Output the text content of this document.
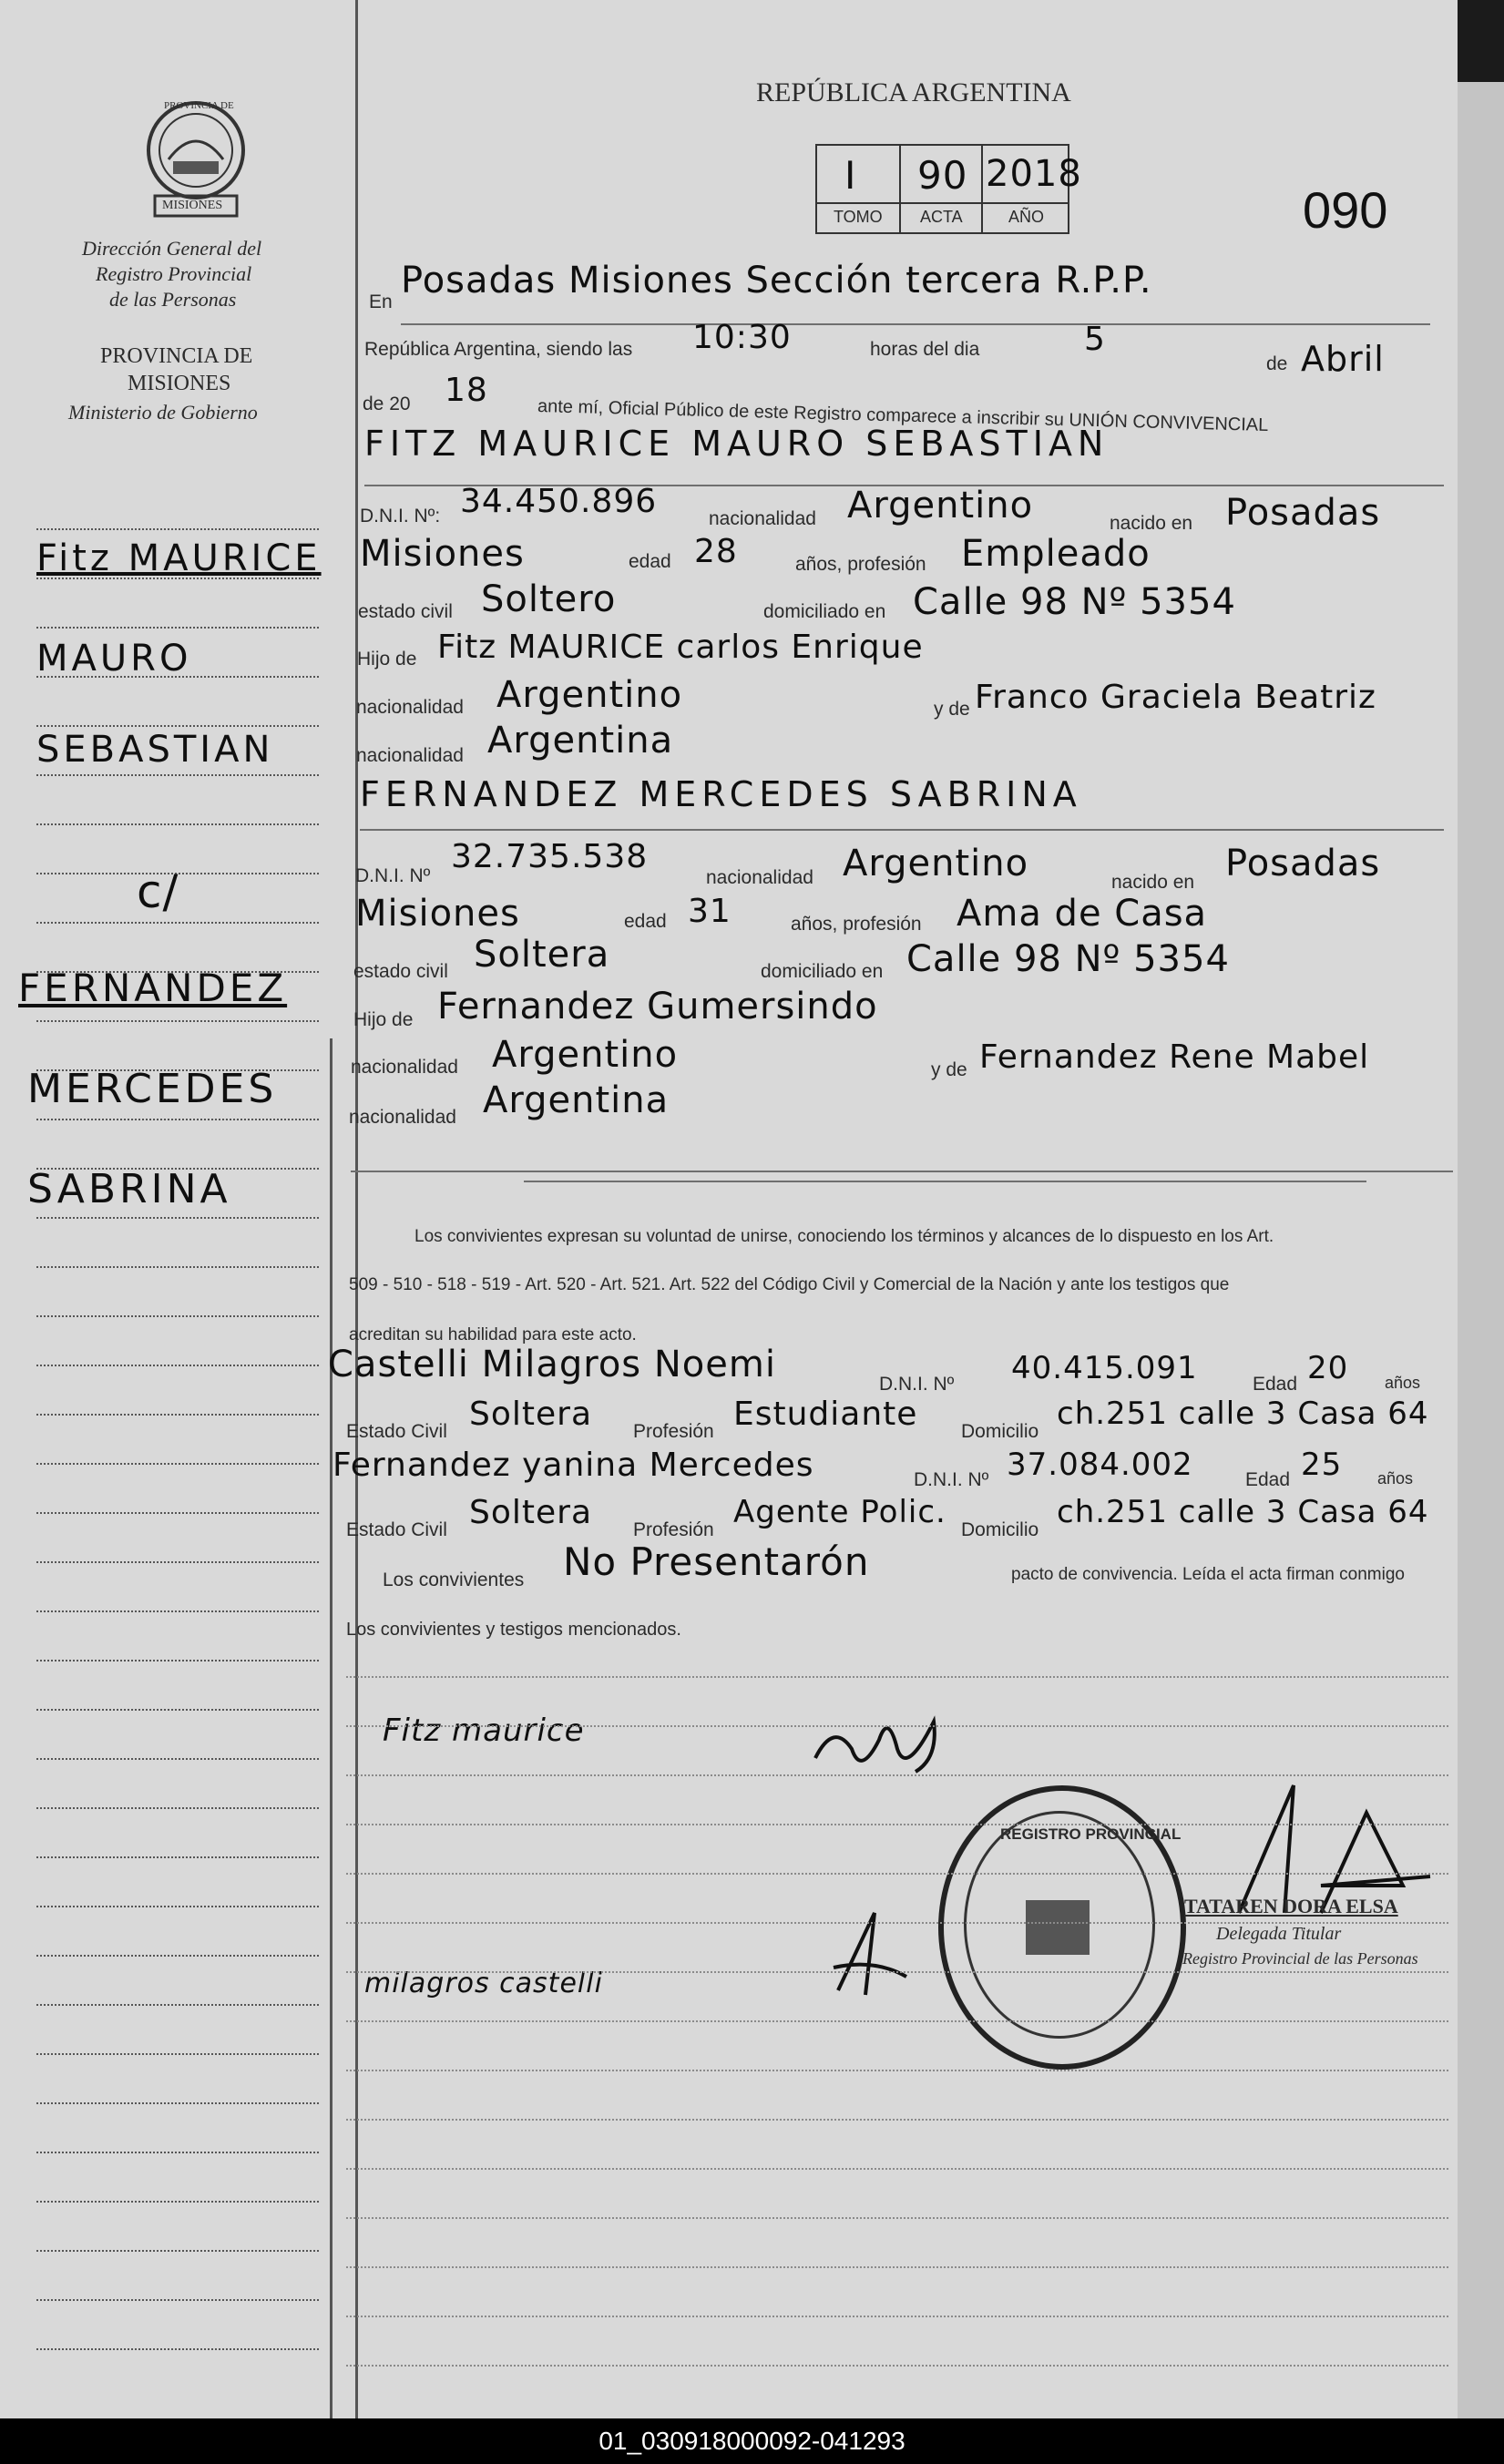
PROVINCIA DE
MISIONES
Dirección General del
Registro Provincial
de las Personas
PROVINCIA DE
MISIONES
Ministerio de Gobierno
Fitz MAURICE
MAURO
SEBASTIAN
c/
FERNANDEZ
MERCEDES
SABRINA
REPÚBLICA ARGENTINA
I 90 2018
TOMO ACTA	AÑO	090
En
Posadas Misiones Sección tercera R.P.P.
República Argentina, siendo las 10:30	horas del dia	5
de Abril
de 20 18
ante mí, Oficial Público de este Registro comparece a inscribir su UNIÓN CONVIVENCIAL
FITZ MAURICE MAURO SEBASTIAN
D.N.I. Nº: 34.450.896	nacionalidad Argentino	nacido en Posadas
Misiones	edad 28	años, profesión Empleado
estado civil Soltero	domiciliado en Calle 98 Nº 5354
Hijo de Fitz MAURICE carlos Enrique
nacionalidad Argentino	y de Franco Graciela Beatriz
nacionalidad Argentina
FERNANDEZ MERCEDES SABRINA
D.N.I. Nº
32.735.538
nacionalidad Argentino	nacido en Posadas
Misiones	edad 31	años, profesión Ama de Casa
estado civil Soltera	domiciliado en Calle 98 Nº 5354
Hijo de Fernandez Gumersindo
nacionalidad Argentino	y de Fernandez Rene Mabel
nacionalidad Argentina
Los convivientes expresan su voluntad de unirse, conociendo los términos y alcances de lo dispuesto en los Art.
509 - 510 - 518 - 519 - Art. 520 - Art. 521. Art. 522 del Código Civil y Comercial de la Nación y ante los testigos que
acreditan su habilidad para este acto.
Castelli Milagros Noemi	D.N.I. Nº 40.415.091	Edad 20 años
Estado Civil Soltera Profesión Estudiante Domicilio ch.251 calle 3 Casa 64
Fernandez yanina Mercedes	D.N.I. Nº 37.084.002	Edad 25 años
Estado Civil Soltera Profesión Agente Polic. Domicilio ch.251 calle 3 Casa 64
Los convivientes No Presentarón	pacto de convivencia. Leída el acta firman conmigo
Los convivientes y testigos mencionados.
Fitz maurice
milagros castelli
REGISTRO PROVINCIAL
TATAREN DORA ELSA
Delegada Titular
Registro Provincial de las Personas
01_030918000092-041293
